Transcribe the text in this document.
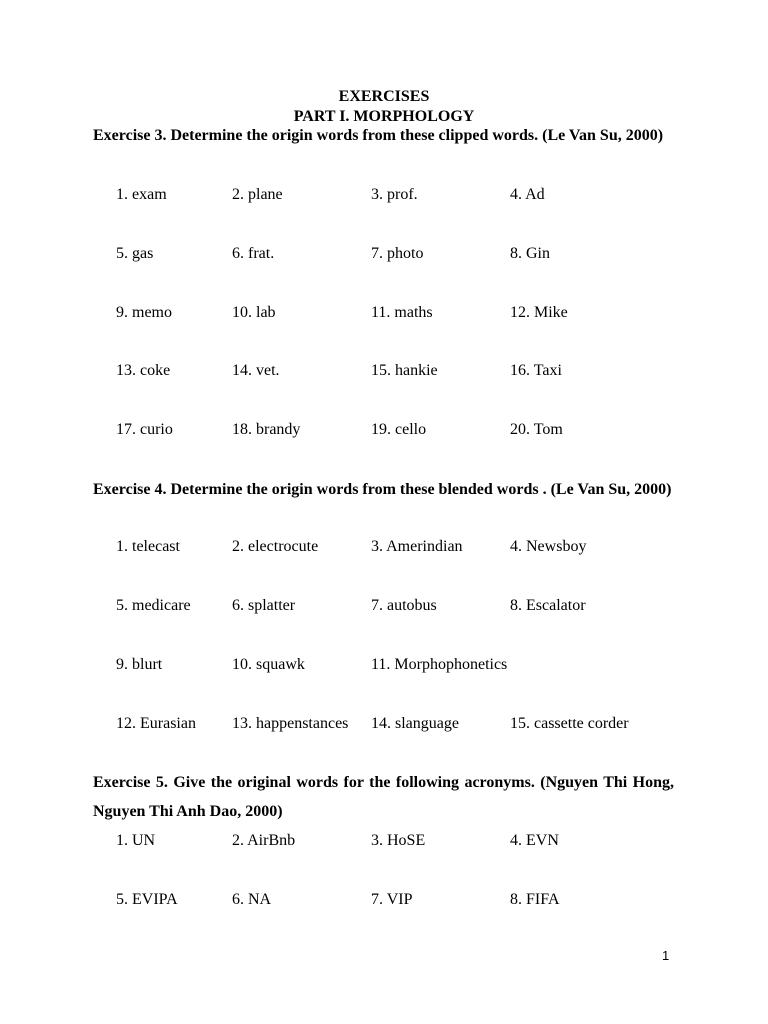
EXERCISES
PART I. MORPHOLOGY
Exercise 3. Determine the origin words from these clipped words. (Le Van Su, 2000)
1. exam	2. plane	3. prof.	4. Ad
5. gas	6. frat.	7. photo	8. Gin
9. memo	10. lab	11. maths	12. Mike
13. coke	14. vet.	15. hankie	16. Taxi
17. curio	18. brandy	19. cello	20. Tom
Exercise 4. Determine the origin words from these blended words . (Le Van Su, 2000)
1. telecast	2. electrocute	3. Amerindian	4. Newsboy
5. medicare	6. splatter	7. autobus	8. Escalator
9. blurt	10. squawk	11. Morphophonetics
12. Eurasian 13. happenstances 14. slanguage	15. cassette corder
Exercise 5. Give the original words for the following acronyms. (Nguyen Thi Hong, Nguyen Thi Anh Dao, 2000)
1. UN	2. AirBnb	3. HoSE	4. EVN
5. EVIPA	6. NA	7. VIP	8. FIFA
1
